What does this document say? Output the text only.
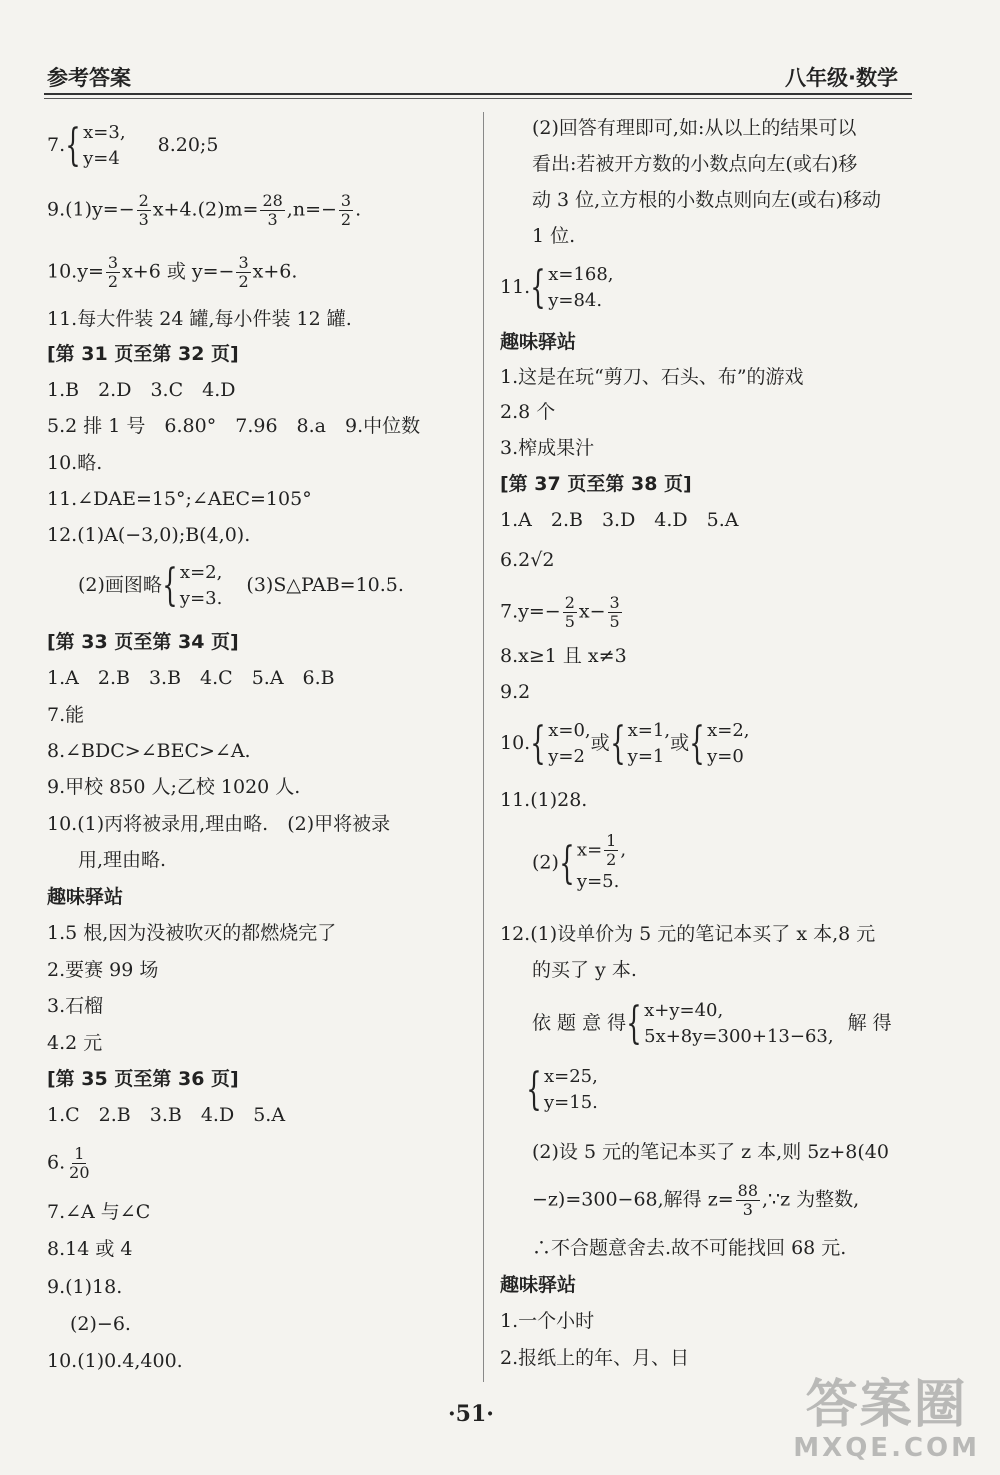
参考答案	八年级·数学
7. { x=3,
y=4
8.20;5
$9.(1)y=- \frac{2}{3} x+4.(2)m= \frac{28}{3} ,n=- \frac{3}{2}$ .
$10.y= \frac{3}{2} x+6$ 或 $y=- \frac{3}{2} x+6$.
11.每大件装 24 罐,每小件装 12 罐.
[第 31 页至第 32 页]
1.B　2.D　3.C　4.D
5.2 排 1 号　6.80°　7.96　8.a　9.中位数
10.略.
11.∠DAE=15°;∠AEC=105°
12.(1)A(−3,0);B(4,0).
(2)画图略 { x=2,
y=3.
(3)S△PAB=10.5.
[第 33 页至第 34 页]
1.A　2.B　3.B　4.C　5.A　6.B
7.能
8.∠BDC>∠BEC>∠A.
9.甲校 850 人;乙校 1020 人.
10.(1)丙将被录用,理由略.　(2)甲将被录
用,理由略.
趣味驿站
1.5 根,因为没被吹灭的都燃烧完了
2.要赛 99 场
3.石榴
4.2 元
[第 35 页至第 36 页]
1.C　2.B　3.B　4.D　5.A
6. $\frac{1}{20}$
7.∠A 与∠C
8.14 或 4
9.(1)18.
(2)−6.
10.(1)0.4,400.
(2)回答有理即可,如:从以上的结果可以
看出:若被开方数的小数点向左(或右)移
动 3 位,立方根的小数点则向左(或右)移动
1 位.
11. { x=168,
y=84.
趣味驿站
1.这是在玩“剪刀、石头、布”的游戏
2.8 个
3.榨成果汁
[第 37 页至第 38 页]
1.A　2.B　3.D　4.D　5.A
6.2√2
$7.y=- \frac{2}{5} x- \frac{3}{5}$
8.x≥1 且 x≠3
9.2
10. { x=0,
y=2
或 { x=1,
y=1
或 { x=2,
y=0
11.(1)28.
(2) { $x= \frac{1}{2}$ ,
y=5.
12.(1)设单价为 5 元的笔记本买了 x 本,8 元
的买了 y 本.
依 题 意 得 { x+y=40,
5x+8y=300+13−63,
解 得
{ x=25,
y=15.
(2)设 5 元的笔记本买了 z 本,则 5z+8(40
−z)=300−68,解得 $z= \frac{88}{3}$ ,∵z 为整数,
∴不合题意舍去.故不可能找回 68 元.
趣味驿站
1.一个小时
2.报纸上的年、月、日
·51·	答案圈
MXQE.COM
